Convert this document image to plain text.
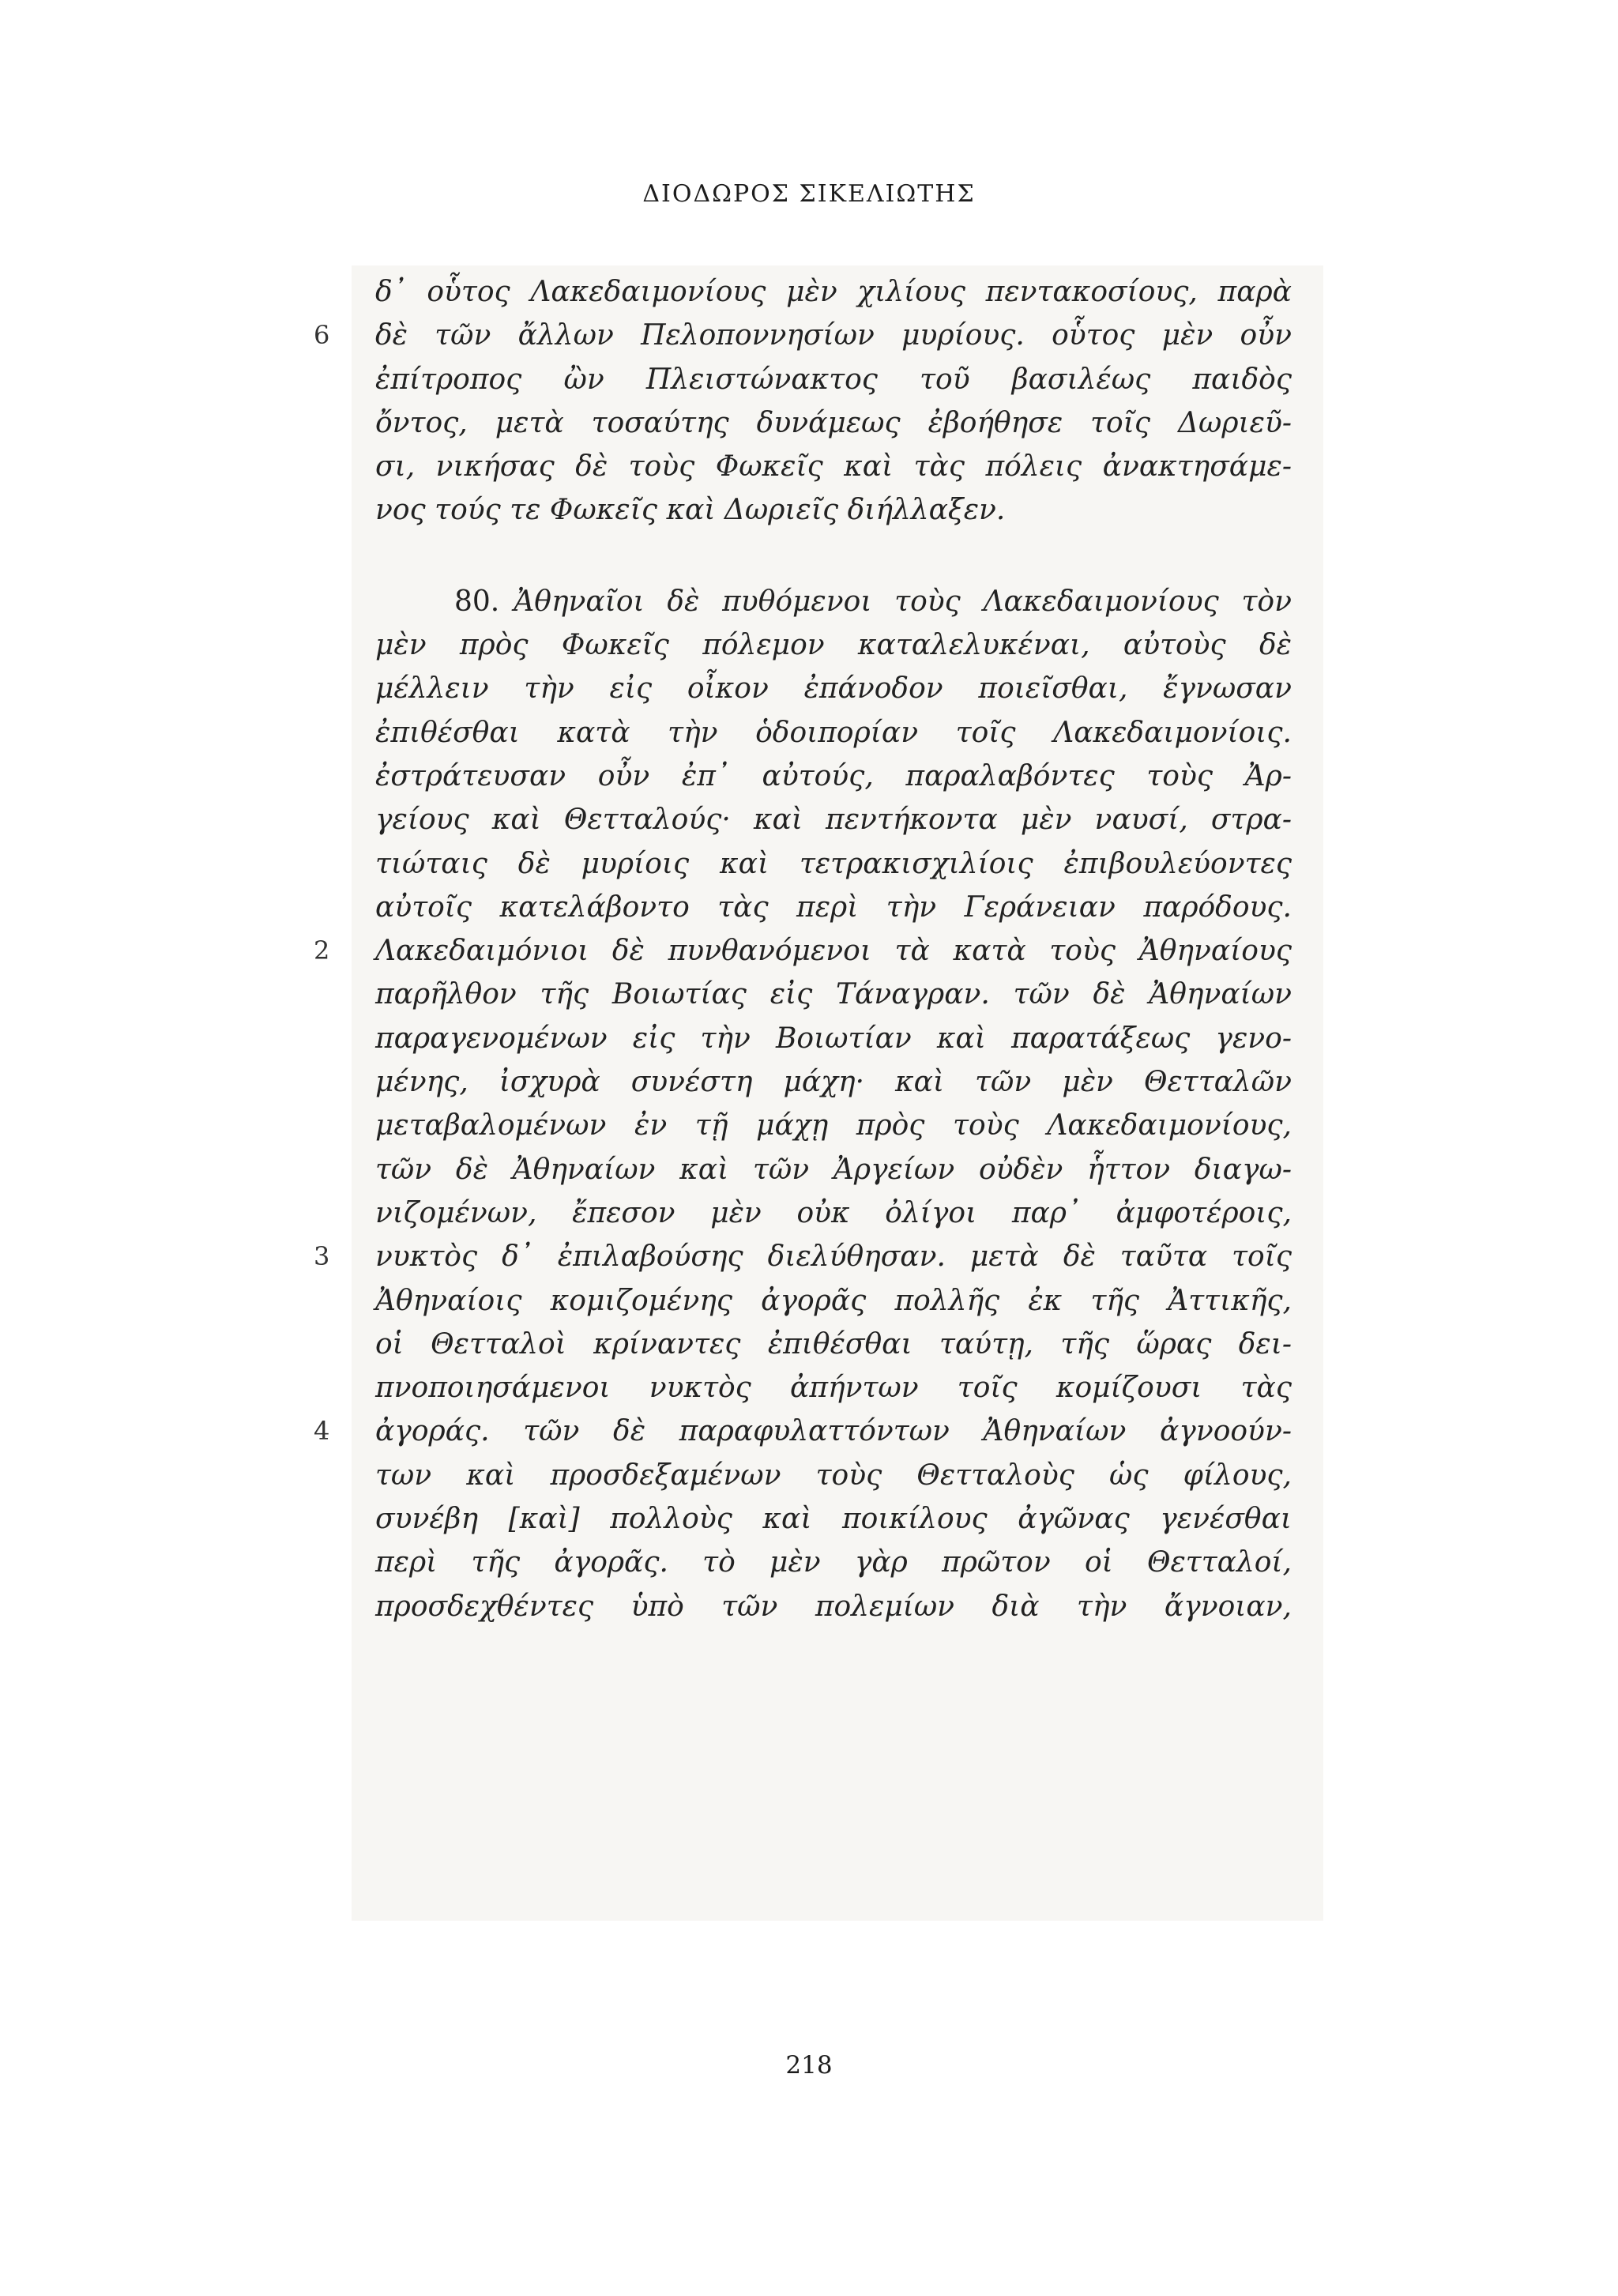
ΔΙΟΔΩΡΟΣ ΣΙΚΕΛΙΩΤΗΣ
δ᾽ οὗτος Λακεδαιμονίους μὲν χιλίους πεντακοσίους, παρὰ
6	δὲ τῶν ἄλλων Πελοποννησίων μυρίους. οὗτος μὲν οὖν
ἐπίτροπος ὢν Πλειστώνακτος τοῦ βασιλέως παιδὸς
ὄντος, μετὰ τοσαύτης δυνάμεως ἐβοήθησε τοῖς Δωριεῦ-
σι, νικήσας δὲ τοὺς Φωκεῖς καὶ τὰς πόλεις ἀνακτησάμε-
νος τούς τε Φωκεῖς καὶ Δωριεῖς διήλλαξεν.
80. Ἀθηναῖοι δὲ πυθόμενοι τοὺς Λακεδαιμονίους τὸν
μὲν πρὸς Φωκεῖς πόλεμον καταλελυκέναι, αὐτοὺς δὲ
μέλλειν τὴν εἰς οἶκον ἐπάνοδον ποιεῖσθαι, ἔγνωσαν
ἐπιθέσθαι κατὰ τὴν ὁδοιπορίαν τοῖς Λακεδαιμονίοις.
ἐστράτευσαν οὖν ἐπ᾽ αὐτούς, παραλαβόντες τοὺς Ἀρ-
γείους καὶ Θετταλούς· καὶ πεντήκοντα μὲν ναυσί, στρα-
τιώταις δὲ μυρίοις καὶ τετρακισχιλίοις ἐπιβουλεύοντες
αὐτοῖς κατελάβοντο τὰς περὶ τὴν Γεράνειαν παρόδους.
2	Λακεδαιμόνιοι δὲ πυνθανόμενοι τὰ κατὰ τοὺς Ἀθηναίους
παρῆλθον τῆς Βοιωτίας εἰς Τάναγραν. τῶν δὲ Ἀθηναίων
παραγενομένων εἰς τὴν Βοιωτίαν καὶ παρατάξεως γενο-
μένης, ἰσχυρὰ συνέστη μάχη· καὶ τῶν μὲν Θετταλῶν
μεταβαλομένων ἐν τῇ μάχῃ πρὸς τοὺς Λακεδαιμονίους,
τῶν δὲ Ἀθηναίων καὶ τῶν Ἀργείων οὐδὲν ἧττον διαγω-
νιζομένων, ἔπεσον μὲν οὐκ ὀλίγοι παρ᾽ ἀμφοτέροις,
3	νυκτὸς δ᾽ ἐπιλαβούσης διελύθησαν. μετὰ δὲ ταῦτα τοῖς
Ἀθηναίοις κομιζομένης ἀγορᾶς πολλῆς ἐκ τῆς Ἀττικῆς,
οἱ Θετταλοὶ κρίναντες ἐπιθέσθαι ταύτῃ, τῆς ὥρας δει-
πνοποιησάμενοι νυκτὸς ἀπήντων τοῖς κομίζουσι τὰς
4	ἀγοράς. τῶν δὲ παραφυλαττόντων Ἀθηναίων ἀγνοούν-
των καὶ προσδεξαμένων τοὺς Θετταλοὺς ὡς φίλους,
συνέβη [καὶ] πολλοὺς καὶ ποικίλους ἀγῶνας γενέσθαι
περὶ τῆς ἀγορᾶς. τὸ μὲν γὰρ πρῶτον οἱ Θετταλοί,
προσδεχθέντες ὑπὸ τῶν πολεμίων διὰ τὴν ἄγνοιαν,
218
